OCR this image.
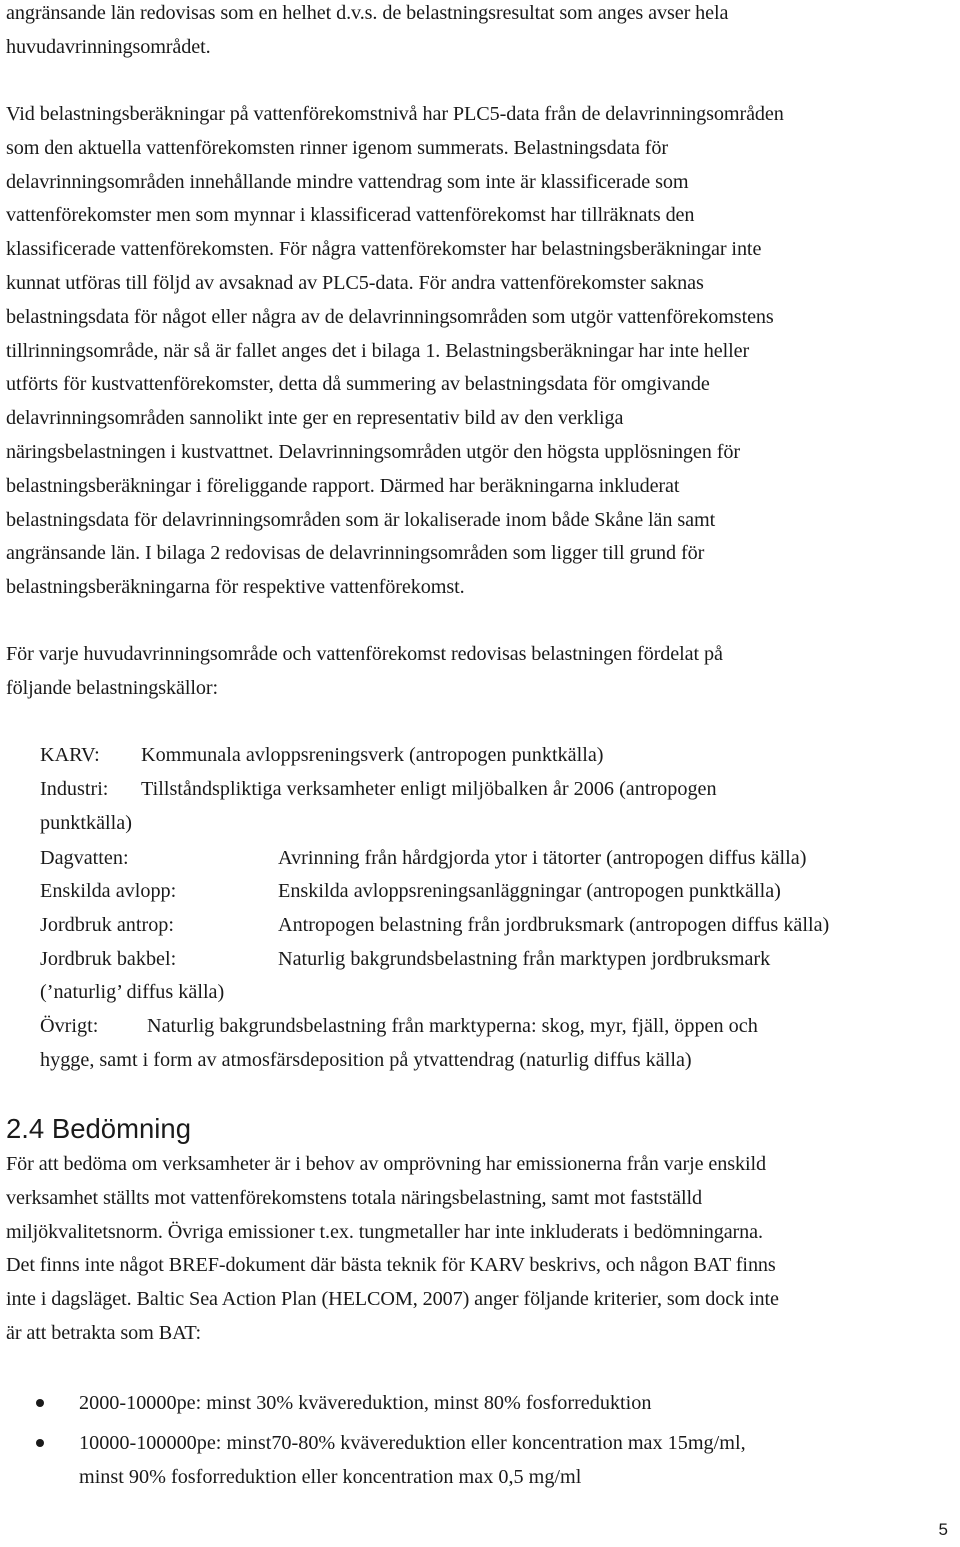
angränsande län redovisas som en helhet d.v.s. de belastningsresultat som anges avser hela
huvudavrinningsområdet.

Vid belastningsberäkningar på vattenförekomstnivå har PLC5-data från de delavrinningsområden
som den aktuella vattenförekomsten rinner igenom summerats. Belastningsdata för
delavrinningsområden innehållande mindre vattendrag som inte är klassificerade som
vattenförekomster men som mynnar i klassificerad vattenförekomst har tillräknats den
klassificerade vattenförekomsten. För några vattenförekomster har belastningsberäkningar inte
kunnat utföras till följd av avsaknad av PLC5-data. För andra vattenförekomster saknas
belastningsdata för något eller några av de delavrinningsområden som utgör vattenförekomstens
tillrinningsområde, när så är fallet anges det i bilaga 1. Belastningsberäkningar har inte heller
utförts för kustvattenförekomster, detta då summering av belastningsdata för omgivande
delavrinningsområden sannolikt inte ger en representativ bild av den verkliga
näringsbelastningen i kustvattnet. Delavrinningsområden utgör den högsta upplösningen för
belastningsberäkningar i föreliggande rapport. Därmed har beräkningarna inkluderat
belastningsdata för delavrinningsområden som är lokaliserade inom både Skåne län samt
angränsande län. I bilaga 2 redovisas de delavrinningsområden som ligger till grund för
belastningsberäkningarna för respektive vattenförekomst.

För varje huvudavrinningsområde och vattenförekomst redovisas belastningen fördelat på
följande belastningskällor:

KARV: Kommunala avloppsreningsverk (antropogen punktkälla)
Industri: Tillståndspliktiga verksamheter enligt miljöbalken år 2006 (antropogen
punktkälla)
Dagvatten:	Avrinning från hårdgjorda ytor i tätorter (antropogen diffus källa)
Enskilda avlopp:	Enskilda avloppsreningsanläggningar (antropogen punktkälla)
Jordbruk antrop:	Antropogen belastning från jordbruksmark (antropogen diffus källa)
Jordbruk bakbel:	Naturlig bakgrundsbelastning från marktypen jordbruksmark
(’naturlig’ diffus källa)
Övrigt: Naturlig bakgrundsbelastning från marktyperna: skog, myr, fjäll, öppen och
hygge, samt i form av atmosfärsdeposition på ytvattendrag (naturlig diffus källa)
2.4 Bedömning

För att bedöma om verksamheter är i behov av omprövning har emissionerna från varje enskild
verksamhet ställts mot vattenförekomstens totala näringsbelastning, samt mot fastställd
miljökvalitetsnorm. Övriga emissioner t.ex. tungmetaller har inte inkluderats i bedömningarna.
Det finns inte något BREF-dokument där bästa teknik för KARV beskrivs, och någon BAT finns
inte i dagsläget. Baltic Sea Action Plan (HELCOM, 2007) anger följande kriterier, som dock inte
är att betrakta som BAT:

2000-10000pe: minst 30% kvävereduktion, minst 80% fosforreduktion
10000-100000pe: minst70-80% kvävereduktion eller koncentration max 15mg/ml,
minst 90% fosforreduktion eller koncentration max 0,5 mg/ml
5
